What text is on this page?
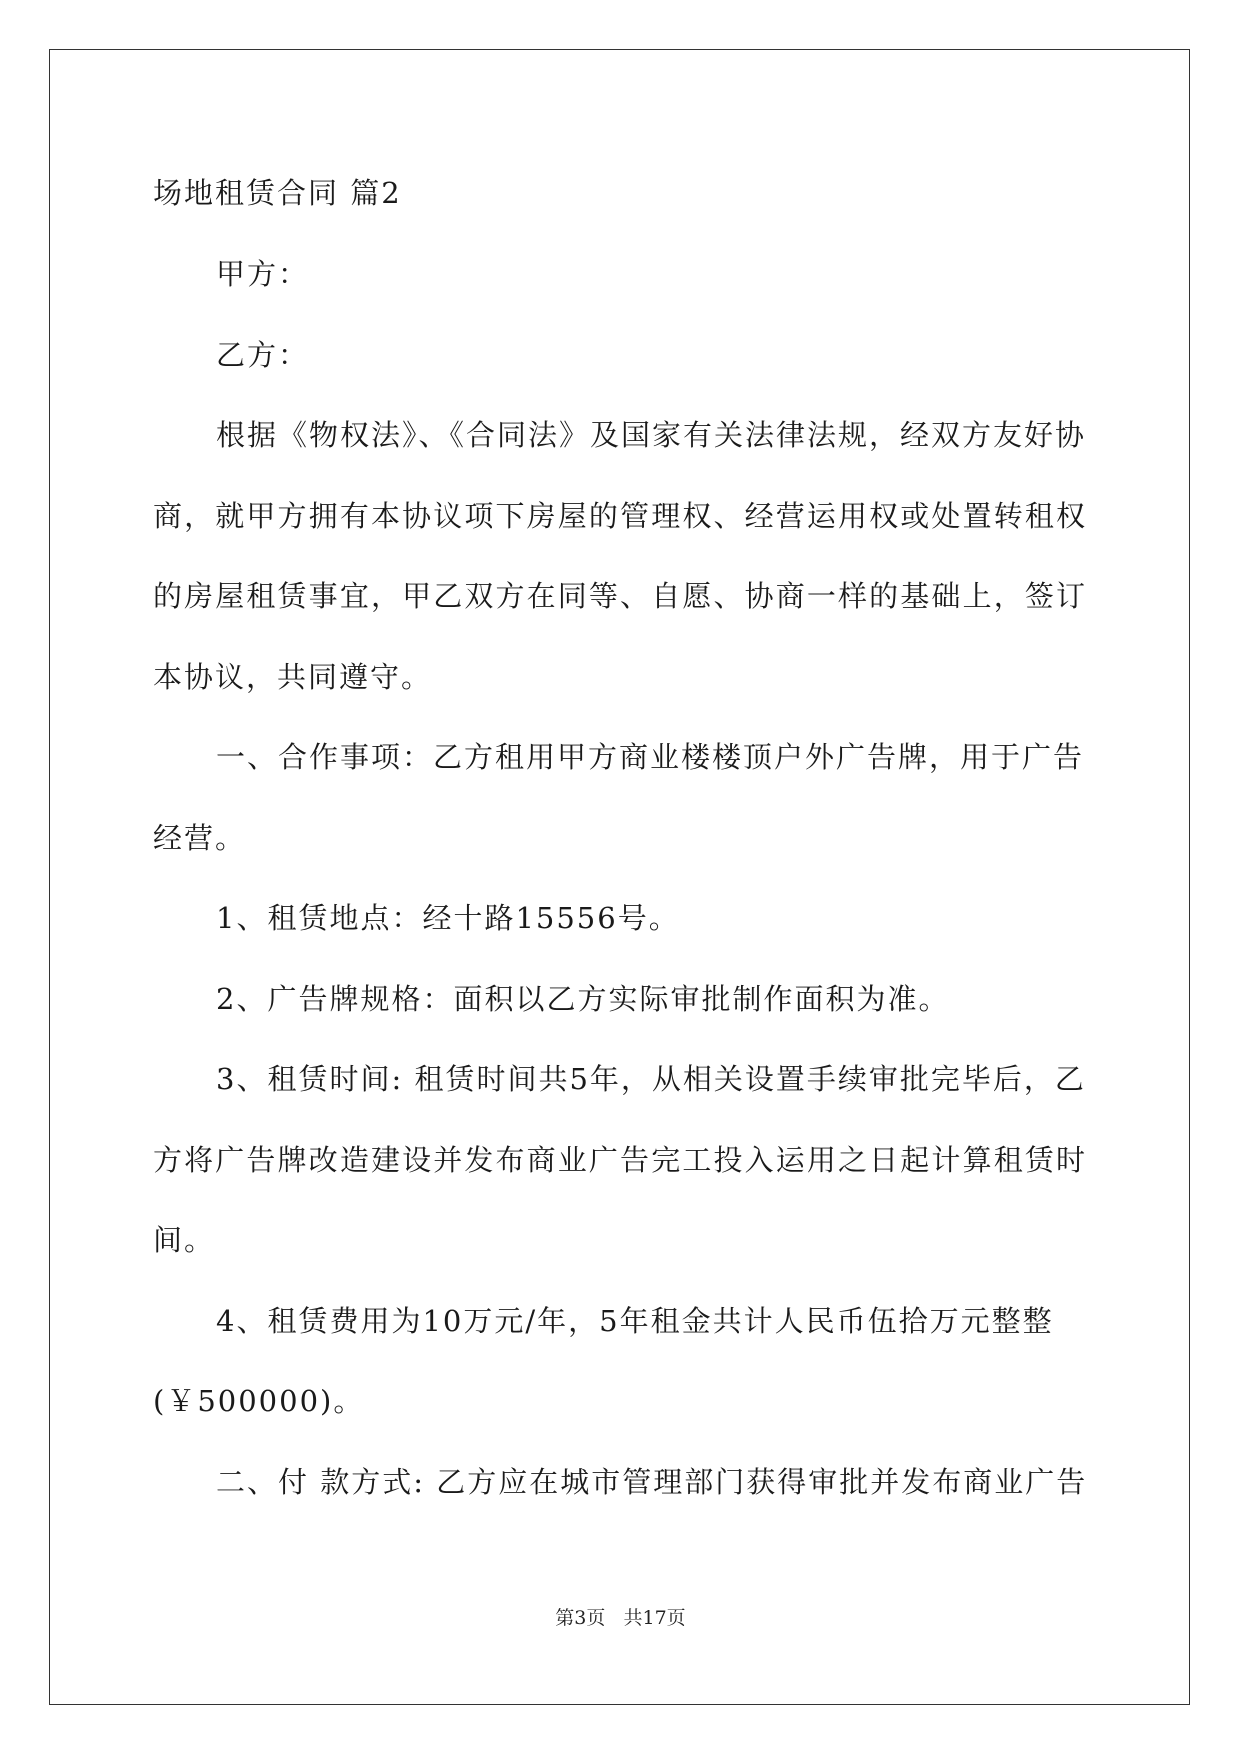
场地租赁合同 篇2

甲方：

乙方：

根据《物权法》、《合同法》及国家有关法律法规，经双方友好协

商，就甲方拥有本协议项下房屋的管理权、经营运用权或处置转租权

的房屋租赁事宜，甲乙双方在同等、自愿、协商一样的基础上，签订

本协议，共同遵守。

一、合作事项：乙方租用甲方商业楼楼顶户外广告牌，用于广告

经营。

1、租赁地点：经十路15556号。

2、广告牌规格：面积以乙方实际审批制作面积为准。

3、租赁时间: 租赁时间共5年，从相关设置手续审批完毕后，乙

方将广告牌改造建设并发布商业广告完工投入运用之日起计算租赁时

间。

4、租赁费用为10万元/年，5年租金共计人民币伍拾万元整整

(￥500000)。

二、付 款方式: 乙方应在城市管理部门获得审批并发布商业广告

第3页   共17页
